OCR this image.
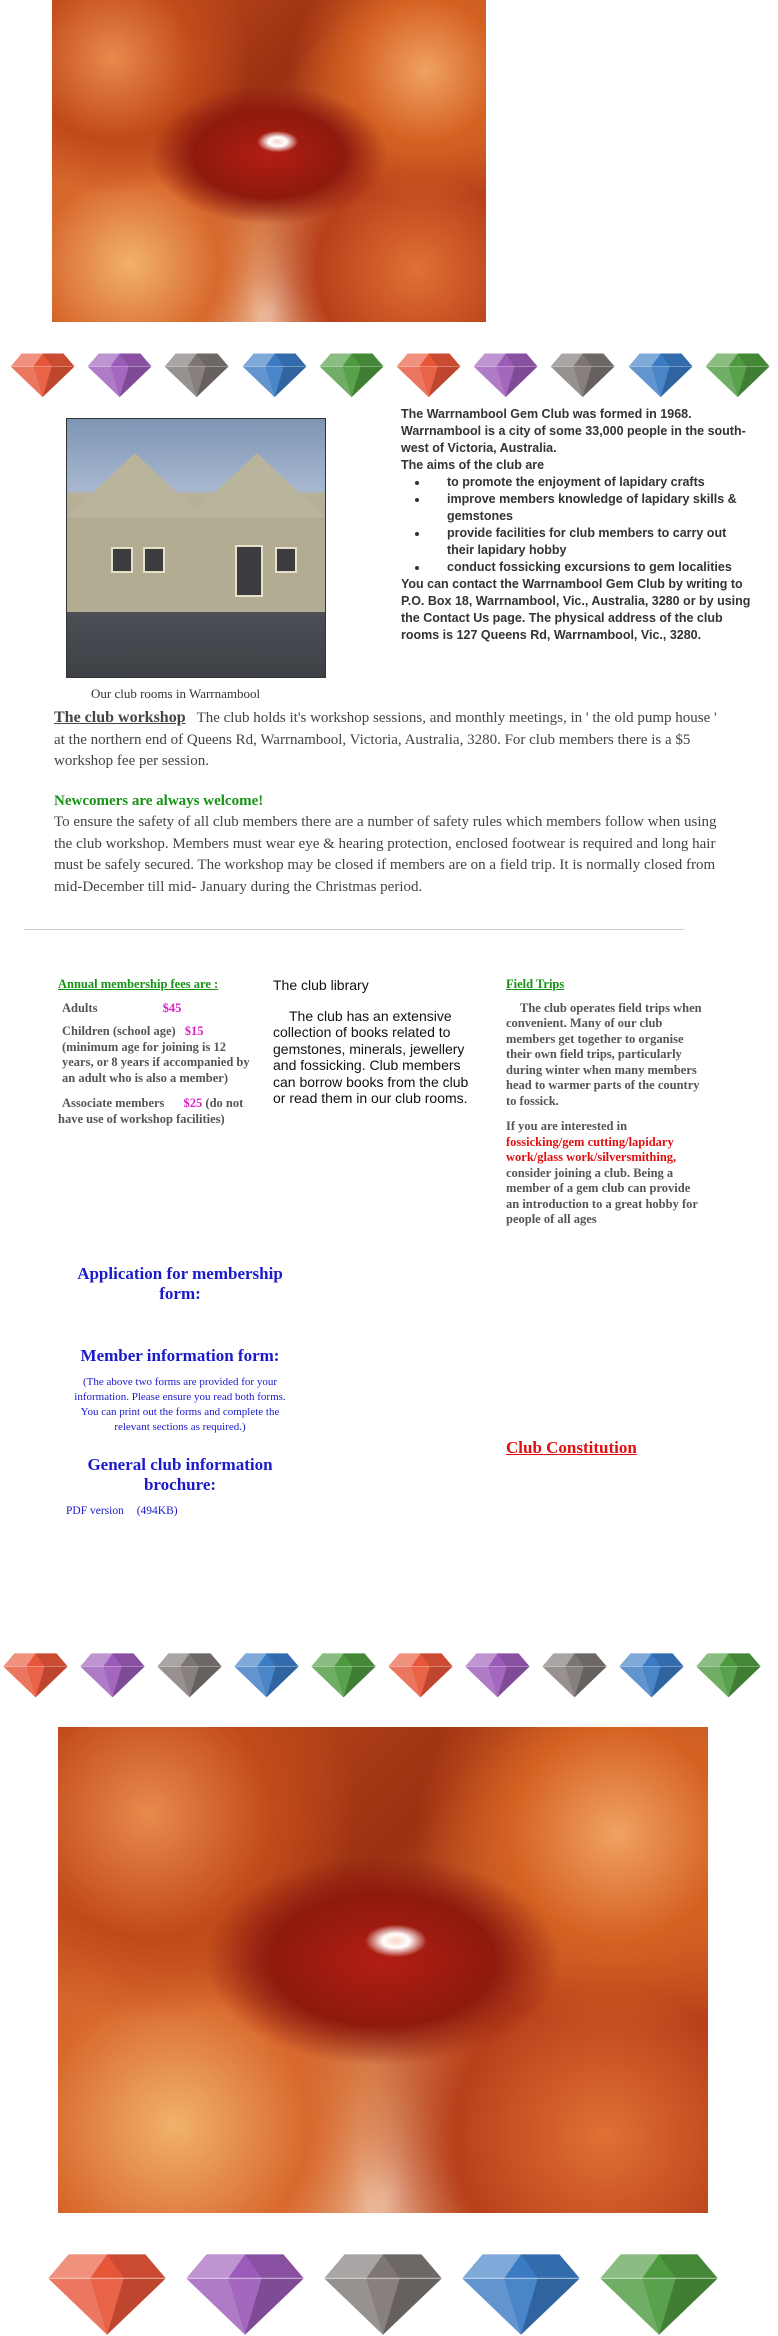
Our club rooms in Warrnambool
The Warrnambool Gem Club was formed in 1968. Warrnambool is a city of some 33,000 people in the south-west of Victoria, Australia.
The aims of the club are
• to promote the enjoyment of lapidary crafts
• improve members knowledge of lapidary skills & gemstones
• provide facilities for club members to carry out their lapidary hobby
• conduct fossicking excursions to gem localities
You can contact the Warrnambool Gem Club by writing to P.O. Box 18, Warrnambool, Vic., Australia, 3280 or by using the Contact Us page. The physical address of the club rooms is 127 Queens Rd, Warrnambool, Vic., 3280.
The club workshop The club holds it's workshop sessions, and monthly meetings, in ' the old pump house ' at the northern end of Queens Rd, Warrnambool, Victoria, Australia, 3280. For club members there is a $5 workshop fee per session.
Newcomers are always welcome!
To ensure the safety of all club members there are a number of safety rules which members follow when using the club workshop. Members must wear eye & hearing protection, enclosed footwear is required and long hair must be safely secured. The workshop may be closed if members are on a field trip. It is normally closed from mid-December till mid- January during the Christmas period.
Annual membership fees are :
Adults	$45
Children (school age) $15
(minimum age for joining is 12 years, or 8 years if accompanied by an adult who is also a member)
Associate members $25 (do not have use of workshop facilities)
The club library
The club has an extensive collection of books related to gemstones, minerals, jewellery and fossicking. Club members can borrow books from the club or read them in our club rooms.
Field Trips
The club operates field trips when convenient. Many of our club members get together to organise their own field trips, particularly during winter when many members head to warmer parts of the country to fossick.
If you are interested in fossicking/gem cutting/lapidary work/glass work/silversmithing, consider joining a club. Being a member of a gem club can provide an introduction to a great hobby for people of all ages
Application for membership form:
Member information form:
(The above two forms are provided for your information. Please ensure you read both forms. You can print out the forms and complete the relevant sections as required.)
General club information brochure:
PDF version (494KB)
Club Constitution
